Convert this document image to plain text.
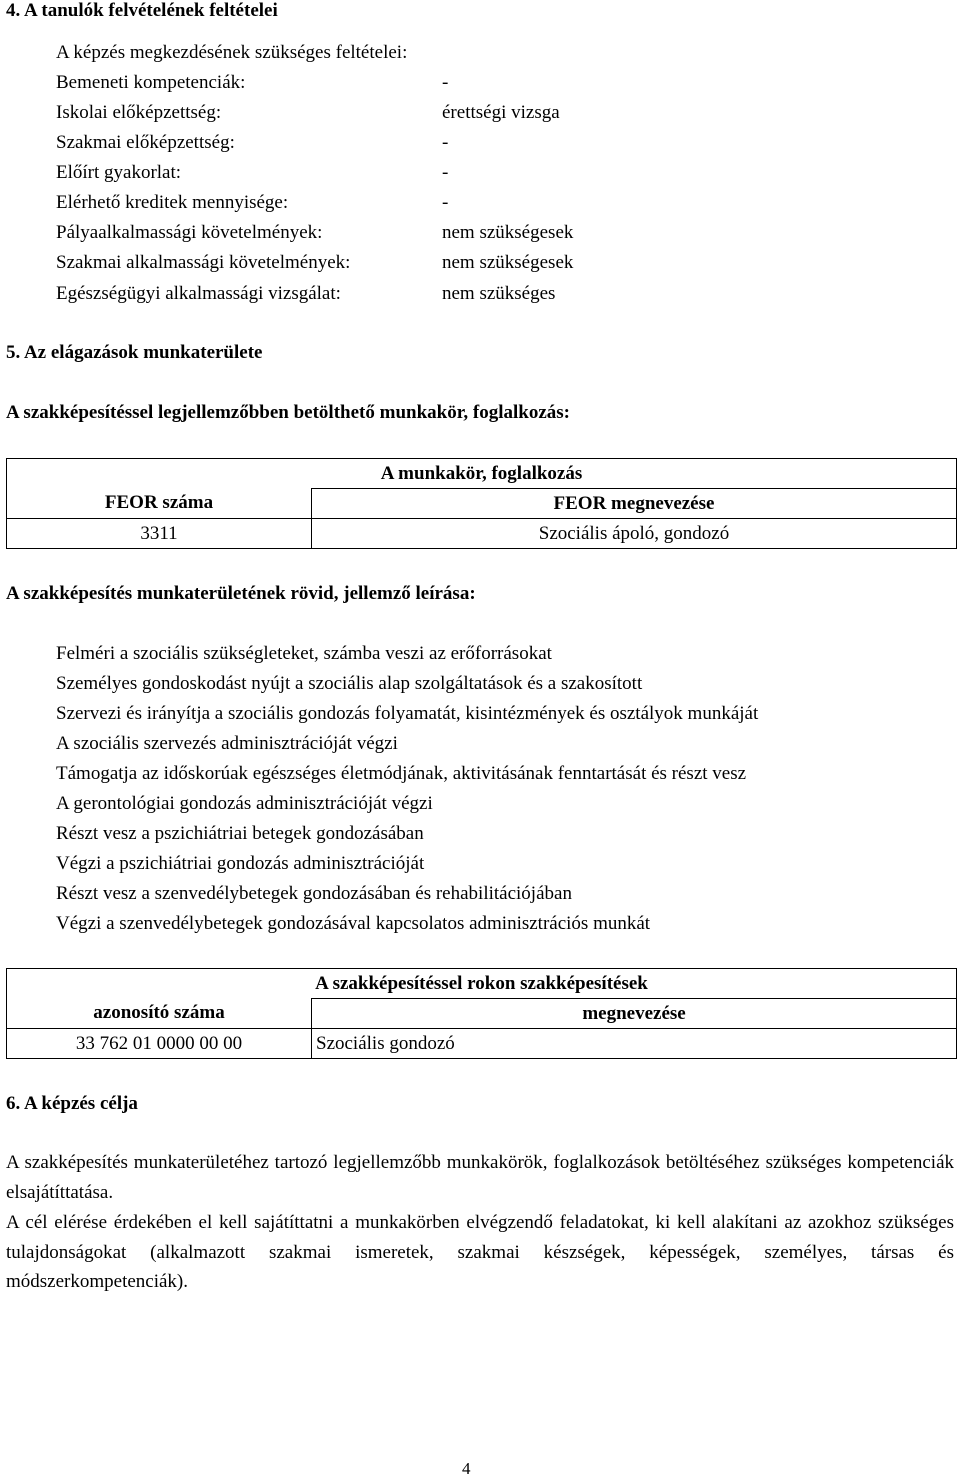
4. A tanulók felvételének feltételei
A képzés megkezdésének szükséges feltételei:
Bemeneti kompetenciák:	-
Iskolai előképzettség:	érettségi vizsga
Szakmai előképzettség:	-
Előírt gyakorlat:	-
Elérhető kreditek mennyisége:	-
Pályaalkalmassági követelmények:	nem szükségesek
Szakmai alkalmassági követelmények:	nem szükségesek
Egészségügyi alkalmassági vizsgálat:	nem szükséges
5. Az elágazások munkaterülete
A szakképesítéssel legjellemzőbben betölthető munkakör, foglalkozás:
A munkakör, foglalkozás	
FEOR száma	FEOR megnevezése
3311	Szociális ápoló, gondozó
A szakképesítés munkaterületének rövid, jellemző leírása:
Felméri a szociális szükségleteket, számba veszi az erőforrásokat
Személyes gondoskodást nyújt a szociális alap szolgáltatások és a szakosított
Szervezi és irányítja a szociális gondozás folyamatát, kisintézmények és osztályok munkáját
A szociális szervezés adminisztrációját végzi
Támogatja az időskorúak egészséges életmódjának, aktivitásának fenntartását és részt vesz
A gerontológiai gondozás adminisztrációját végzi
Részt vesz a pszichiátriai betegek gondozásában
Végzi a pszichiátriai gondozás adminisztrációját
Részt vesz a szenvedélybetegek gondozásában és rehabilitációjában
Végzi a szenvedélybetegek gondozásával kapcsolatos adminisztrációs munkát
A szakképesítéssel rokon szakképesítések	
azonosító száma	megnevezése
33 762 01 0000 00 00	Szociális gondozó
6. A képzés célja
A szakképesítés munkaterületéhez tartozó legjellemzőbb munkakörök, foglalkozások betöltéséhez szükséges kompetenciák elsajátíttatása.
A cél elérése érdekében el kell sajátíttatni a munkakörben elvégzendő feladatokat, ki kell alakítani az azokhoz szükséges tulajdonságokat (alkalmazott szakmai ismeretek, szakmai készségek, képességek, személyes, társas és módszerkompetenciák).
4
